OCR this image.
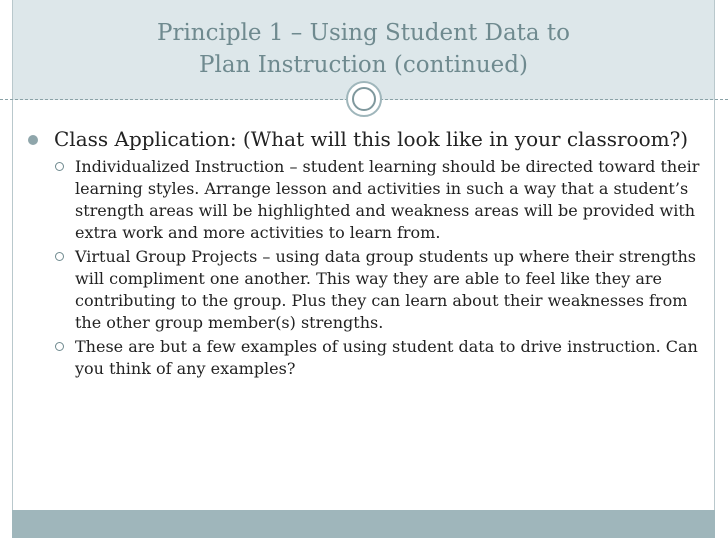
Principle 1 – Using Student Data to
Plan Instruction (continued)

Class Application: (What will this look like in your classroom?)

Individualized Instruction – student learning should be directed toward their learning styles. Arrange lesson and activities in such a way that a student’s strength areas will be highlighted and weakness areas will be provided with extra work and more activities to learn from.
Virtual Group Projects – using data group students up where their strengths will compliment one another. This way they are able to feel like they are contributing to the group. Plus they can learn about their weaknesses from the other group member(s) strengths.
These are but a few examples of using student data to drive instruction. Can you think of any examples?
